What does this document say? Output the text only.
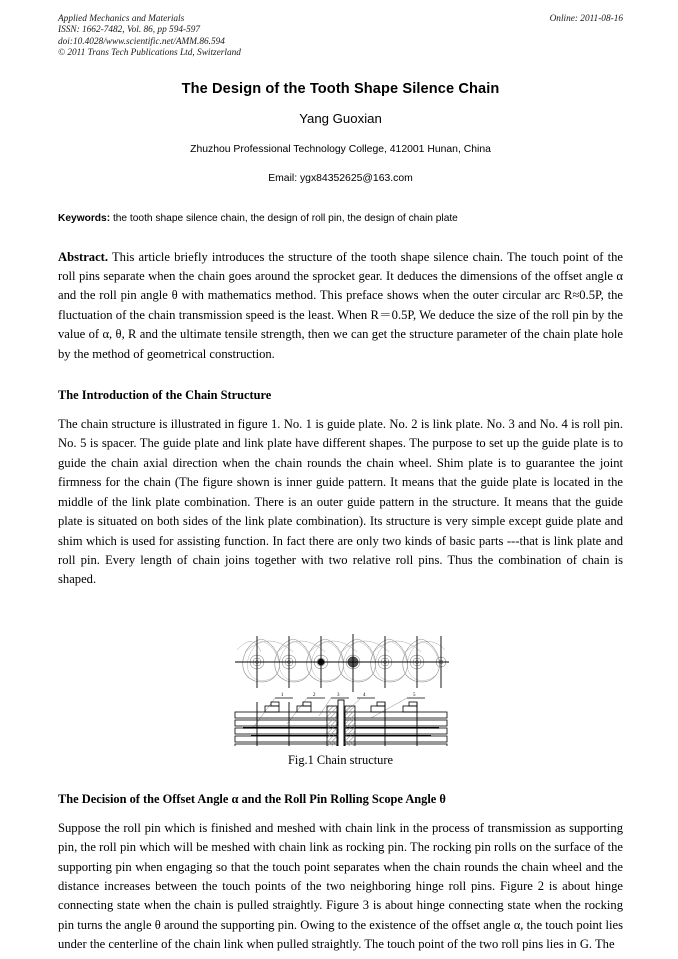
Applied Mechanics and Materials
ISSN: 1662-7482, Vol. 86, pp 594-597
doi:10.4028/www.scientific.net/AMM.86.594
© 2011 Trans Tech Publications Ltd, Switzerland
Online: 2011-08-16
The Design of the Tooth Shape Silence Chain
Yang Guoxian
Zhuzhou Professional Technology College, 412001 Hunan, China
Email: ygx84352625@163.com
Keywords: the tooth shape silence chain, the design of roll pin, the design of chain plate
Abstract. This article briefly introduces the structure of the tooth shape silence chain. The touch point of the roll pins separate when the chain goes around the sprocket gear. It deduces the dimensions of the offset angle α and the roll pin angle θ with mathematics method. This preface shows when the outer circular arc R≈0.5P, the fluctuation of the chain transmission speed is the least. When R＝0.5P, We deduce the size of the roll pin by the value of α, θ, R and the ultimate tensile strength, then we can get the structure parameter of the chain plate hole by the method of geometrical construction.
The Introduction of the Chain Structure
The chain structure is illustrated in figure 1. No. 1 is guide plate. No. 2 is link plate. No. 3 and No. 4 is roll pin. No. 5 is spacer. The guide plate and link plate have different shapes. The purpose to set up the guide plate is to guide the chain axial direction when the chain rounds the chain wheel. Shim plate is to guarantee the joint firmness for the chain (The figure shown is inner guide pattern. It means that the guide plate is located in the middle of the link plate combination. There is an outer guide pattern in the structure. It means that the guide plate is situated on both sides of the link plate combination). Its structure is very simple except guide plate and shim which is used for assisting function. In fact there are only two kinds of basic parts ---that is link plate and roll pin. Every length of chain joins together with two relative roll pins. Thus the combination of chain is shaped.
1	2	3	4	5
Fig.1 Chain structure
The Decision of the Offset Angle α and the Roll Pin Rolling Scope Angle θ
Suppose the roll pin which is finished and meshed with chain link in the process of transmission as supporting pin, the roll pin which will be meshed with chain link as rocking pin. The rocking pin rolls on the surface of the supporting pin when engaging so that the touch point separates when the chain rounds the chain wheel and the distance increases between the touch points of the two neighboring hinge roll pins. Figure 2 is about hinge connecting state when the chain is pulled straightly. Figure 3 is about hinge connecting state when the rocking pin turns the angle θ around the supporting pin. Owing to the existence of the offset angle α, the touch point lies under the centerline of the chain link when pulled straightly. The touch point of the two roll pins lies in G. The
